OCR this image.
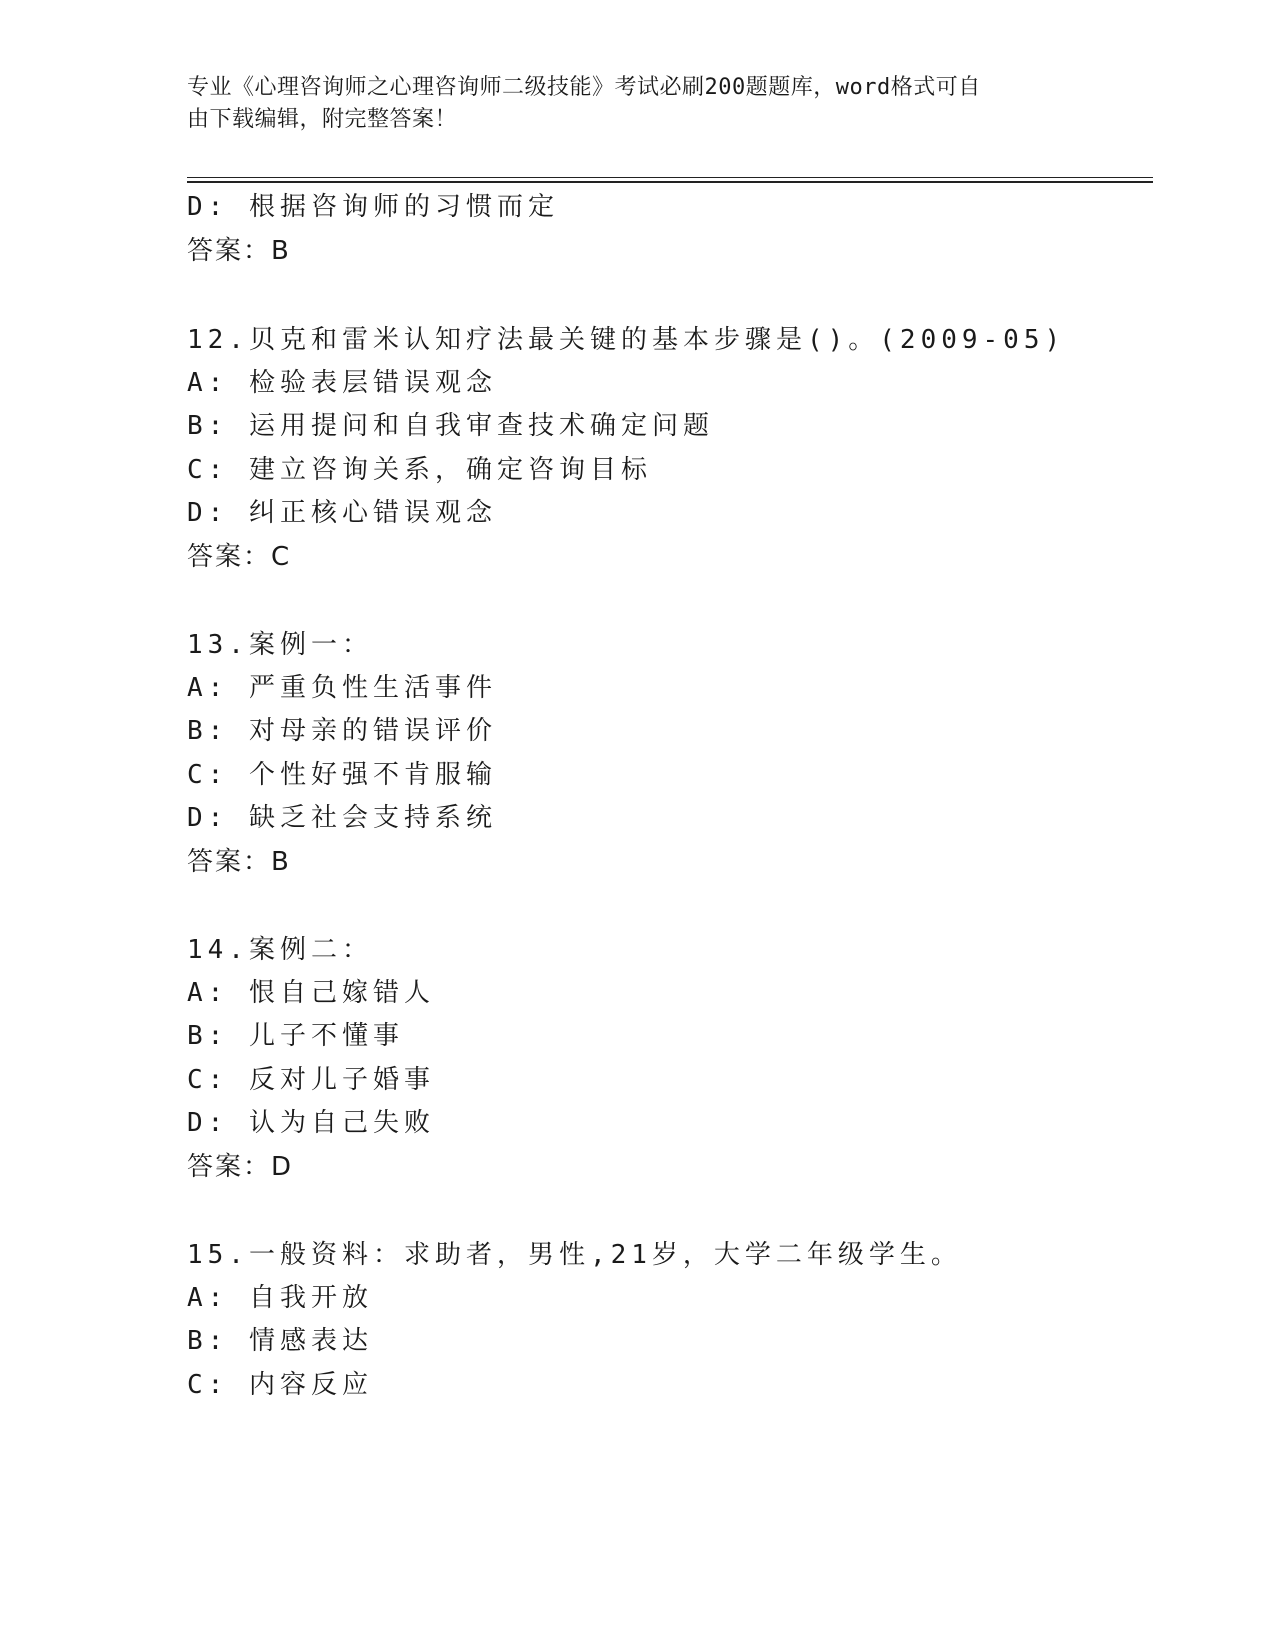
专业《心理咨询师之心理咨询师二级技能》考试必刷200题题库，word格式可自
由下载编辑，附完整答案！
D: 根据咨询师的习惯而定
答案：B
12.贝克和雷米认知疗法最关键的基本步骤是()。(2009-05)
A: 检验表层错误观念
B: 运用提问和自我审查技术确定问题
C: 建立咨询关系，确定咨询目标
D: 纠正核心错误观念
答案：C
13.案例一：
A: 严重负性生活事件
B: 对母亲的错误评价
C: 个性好强不肯服输
D: 缺乏社会支持系统
答案：B
14.案例二：
A: 恨自己嫁错人
B: 儿子不懂事
C: 反对儿子婚事
D: 认为自己失败
答案：D
15.一般资料：求助者，男性,21岁，大学二年级学生。
A: 自我开放
B: 情感表达
C: 内容反应
